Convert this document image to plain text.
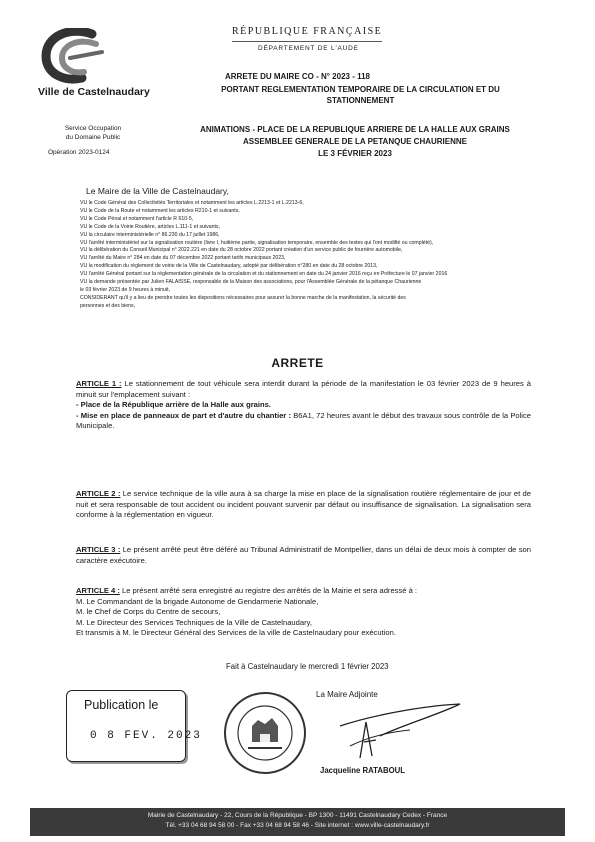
Ville de Castelnaudary
RÉPUBLIQUE FRANÇAISE
DÉPARTEMENT DE L'AUDE
ARRETE DU MAIRE CO - N° 2023 - 118
PORTANT REGLEMENTATION TEMPORAIRE DE LA CIRCULATION ET DU
STATIONNEMENT
Service Occupation
du Domaine Public
Opération 2023-0124
ANIMATIONS - PLACE DE LA REPUBLIQUE ARRIERE DE LA HALLE AUX GRAINS
ASSEMBLEE GENERALE DE LA PETANQUE CHAURIENNE
LE 3 FÉVRIER 2023
Le Maire de la Ville de Castelnaudary,
VU le Code Général des Collectivités Territoriales et notamment les articles L.2213-1 et L.2213-6,
VU le Code de la Route et notamment les articles R210-1 et suivants,
VU le Code Pénal et notamment l'article R 610-5,
VU le Code de la Voirie Routière, articles L.111-1 et suivants,
VU la circulaire interministérielle n° 86.230 du 17 juillet 1986,
VU l'arrêté interministériel sur la signalisation routière (livre I, huitième partie, signalisation temporaire, ensemble des textes qui l'ont modifié ou complété),
VU la délibération du Conseil Municipal n° 2022.221 en date du 28 octobre 2022 portant création d'un service public de fourrière automobile,
VU l'arrêté du Maire n° 284 en date du 07 décembre 2022 portant tarifs municipaux 2023,
VU la modification du règlement de voirie de la Ville de Castelnaudary, adopté par délibération n°280 en date du 28 octobre 2013,
VU l'arrêté Général portant sur la réglementation générale de la circulation et du stationnement en date du 24 janvier 2016 reçu en Préfecture le 07 janvier 2016
VU la demande présentée par Julien FALAISSE, responsable de la Maison des associations, pour l'Assemblée Générale de la pétanque Chaurienne
le 03 février 2023 de 9 heures à minuit,
CONSIDERANT qu'il y a lieu de prendre toutes les dispositions nécessaires pour assurer la bonne marche de la manifestation, la sécurité des
personnes et des biens,
ARRETE
ARTICLE 1 : Le stationnement de tout véhicule sera interdit durant la période de la manifestation le 03 février 2023 de 9 heures à minuit sur l'emplacement suivant :
- Place de la République arrière de la Halle aux grains.
- Mise en place de panneaux de part et d'autre du chantier : B6A1, 72 heures avant le début des travaux sous contrôle de la Police Municipale.
ARTICLE 2 : Le service technique de la ville aura à sa charge la mise en place de la signalisation routière réglementaire de jour et de nuit et sera responsable de tout accident ou incident pouvant survenir par défaut ou insuffisance de signalisation. La signalisation sera conforme à la réglementation en vigueur.
ARTICLE 3 : Le présent arrêté peut être déféré au Tribunal Administratif de Montpellier, dans un délai de deux mois à compter de son caractère exécutoire.
ARTICLE 4 : Le présent arrêté sera enregistré au registre des arrêtés de la Mairie et sera adressé à :
M. Le Commandant de la brigade Autonome de Gendarmerie Nationale,
M. le Chef de Corps du Centre de secours,
M. Le Directeur des Services Techniques de la Ville de Castelnaudary,
Et transmis à M. le Directeur Général des Services de la ville de Castelnaudary pour exécution.
Fait à Castelnaudary le mercredi 1 février 2023
Publication le
0 8 FEV. 2023
La Maire Adjointe
Jacqueline RATABOUL
Mairie de Castelnaudary - 22, Cours de la République - BP 1300 - 11491 Castelnaudary Cedex - France
Tél. +33 04 68 94 58 00 - Fax +33 04 68 94 58 46 - Site internet : www.ville-castelnaudary.fr
